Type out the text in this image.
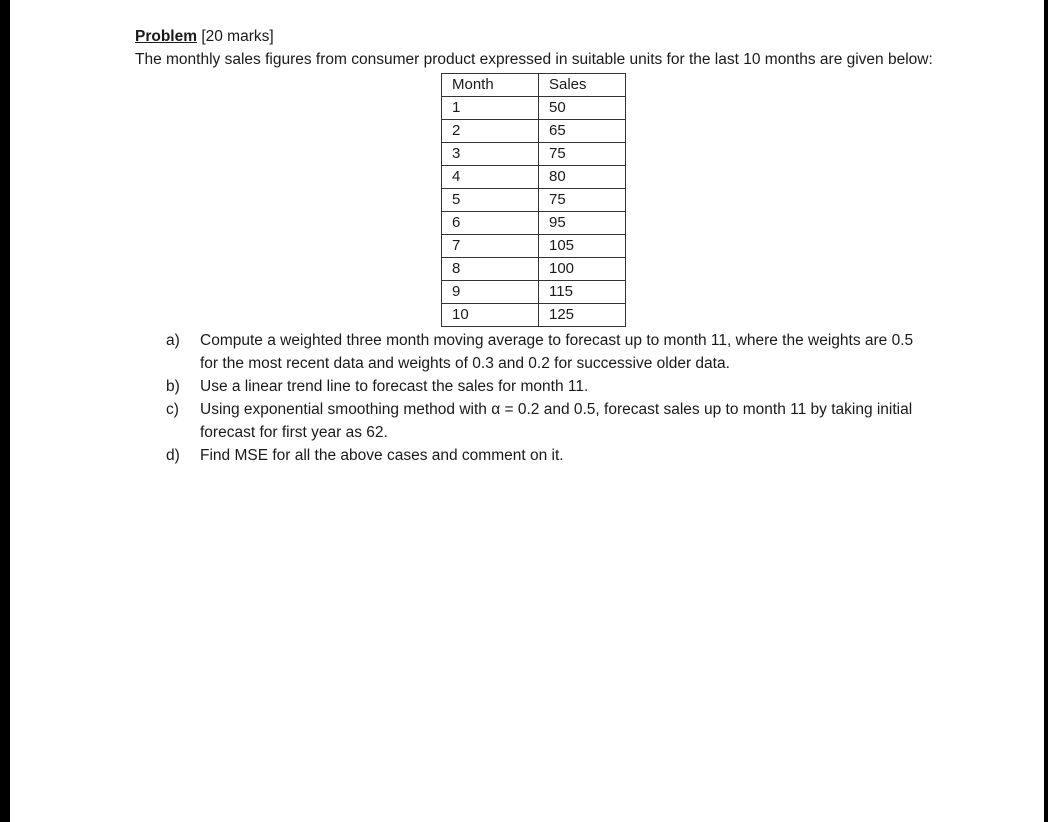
Problem [20 marks]

The monthly sales figures from consumer product expressed in suitable units for the last 10 months are given below:

Month	Sales
1	50
2	65
3	75
4	80
5	75
6	95
7	105
8	100
9	115
10	125
a) Compute a weighted three month moving average to forecast up to month 11, where the weights are 0.5 for the most recent data and weights of 0.3 and 0.2 for successive older data.
b) Use a linear trend line to forecast the sales for month 11.
c) Using exponential smoothing method with α = 0.2 and 0.5, forecast sales up to month 11 by taking initial forecast for first year as 62.
d) Find MSE for all the above cases and comment on it.
